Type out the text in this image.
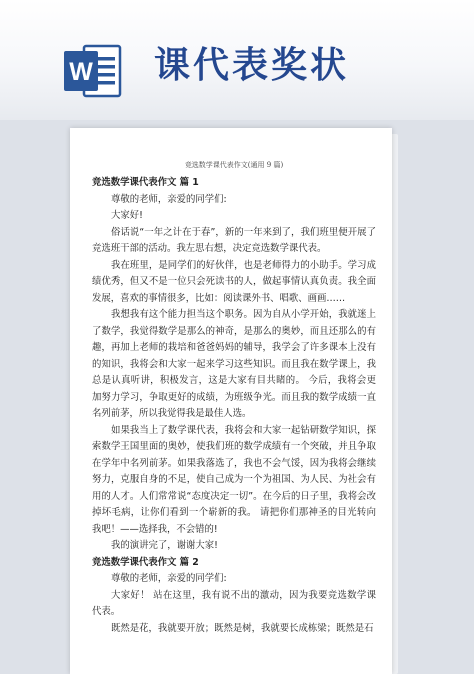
W 课代表奖状
竞选数学课代表作文(通用 9 篇)

竞选数学课代表作文 篇 1

尊敬的老师，亲爱的同学们:

大家好!

俗话说“一年之计在于春”，新的一年来到了，我们班里便开展了竞选班干部的活动。我左思右想，决定竞选数学课代表。

我在班里，是同学们的好伙伴，也是老师得力的小助手。学习成绩优秀，但又不是一位只会死读书的人，做起事情认真负责。我全面发展，喜欢的事情很多，比如：阅读课外书、唱歌、画画……

我想我有这个能力担当这个职务。因为自从小学开始，我就迷上了数学，我觉得数学是那么的神奇，是那么的奥妙，而且还那么的有趣，再加上老师的栽培和爸爸妈妈的辅导，我学会了许多课本上没有的知识，我将会和大家一起来学习这些知识。而且我在数学课上，我总是认真听讲，积极发言，这是大家有目共睹的。 今后，我将会更加努力学习，争取更好的成绩，为班级争光。而且我的数学成绩一直名列前茅，所以我觉得我是最佳人选。

如果我当上了数学课代表，我将会和大家一起钻研数学知识，探索数学王国里面的奥妙，使我们班的数学成绩有一个突破，并且争取在学年中名列前茅。如果我落选了，我也不会气馁，因为我将会继续努力，克服自身的不足，使自己成为一个为祖国、为人民、为社会有用的人才。人们常常说“态度决定一切”。在今后的日子里，我将会改掉坏毛病，让你们看到一个崭新的我。 请把你们那神圣的目光转向我吧！——选择我，不会错的!

我的演讲完了，谢谢大家!

竞选数学课代表作文 篇 2

尊敬的老师，亲爱的同学们:

大家好！ 站在这里，我有说不出的激动，因为我要竞选数学课代表。

既然是花，我就要开放；既然是树，我就要长成栋梁；既然是石
